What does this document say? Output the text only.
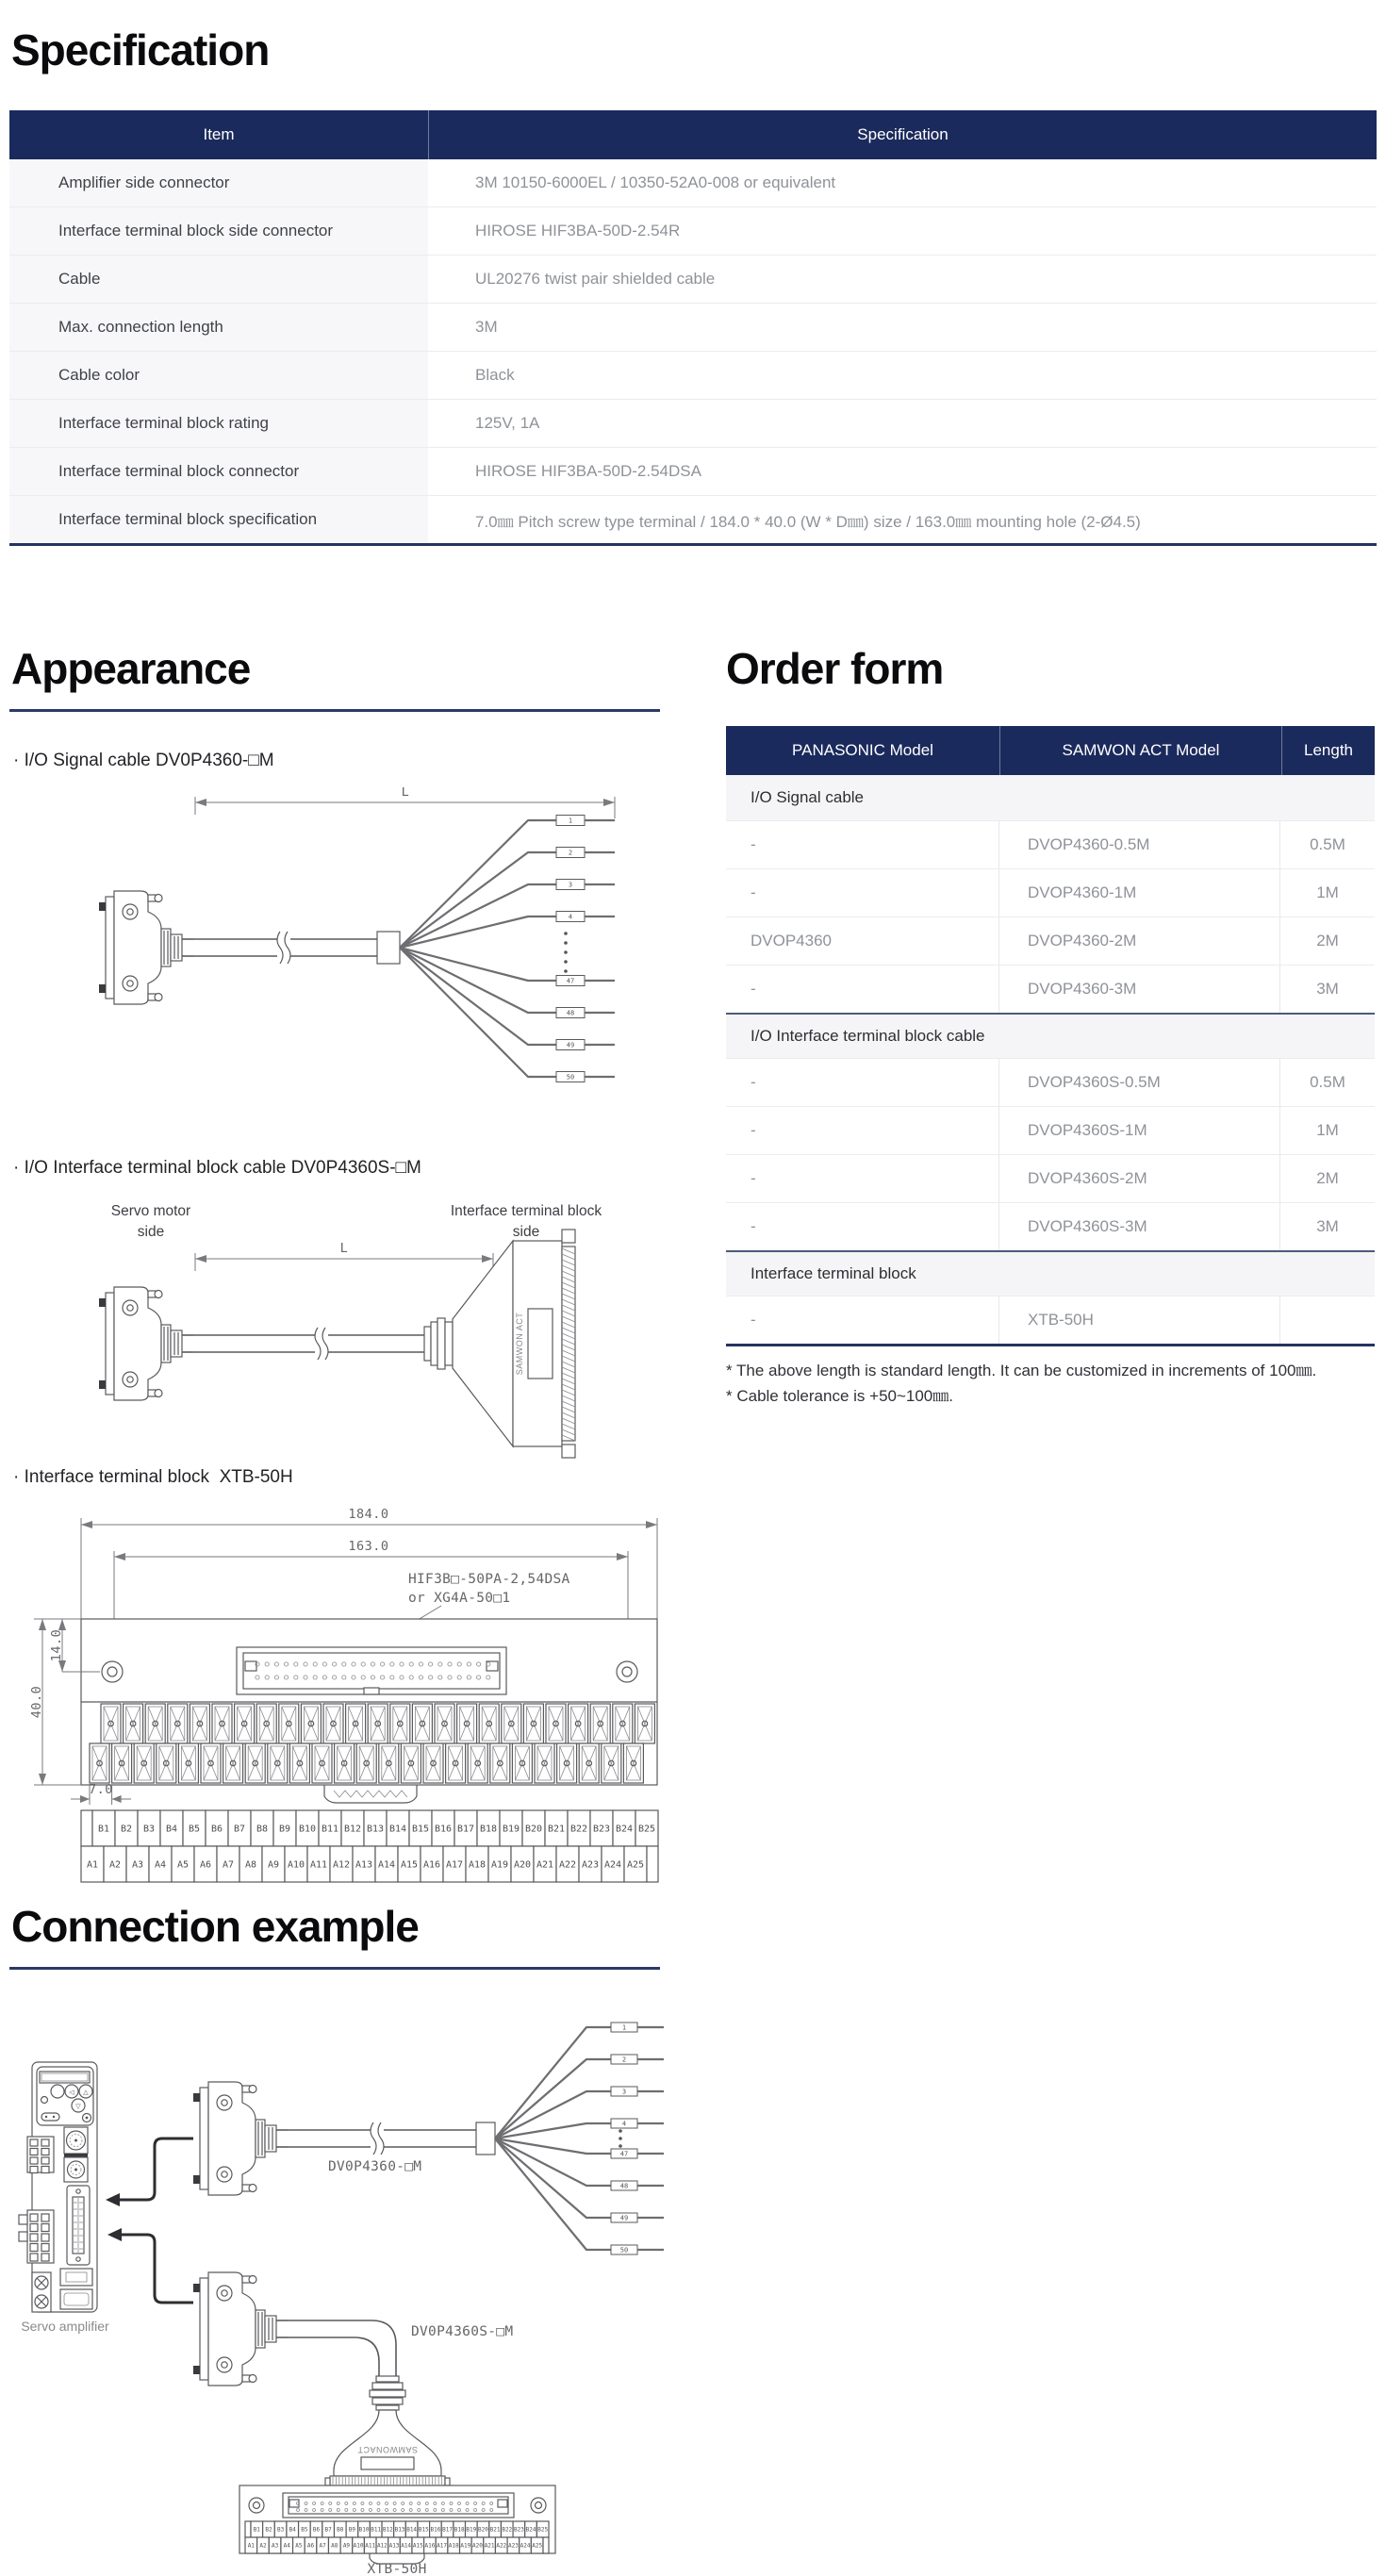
Specification
Item	Specification
Amplifier side connector	3M 10150-6000EL / 10350-52A0-008 or equivalent
Interface terminal block side connector	HIROSE HIF3BA-50D-2.54R
Cable	UL20276 twist pair shielded cable
Max. connection length	3M
Cable color	Black
Interface terminal block rating	125V, 1A
Interface terminal block connector	HIROSE HIF3BA-50D-2.54DSA
Interface terminal block specification	7.0㎜ Pitch screw type terminal / 184.0 * 40.0 (W * D㎜) size / 163.0㎜ mounting hole (2-Ø4.5)
Appearance
· I/O Signal cable DV0P4360-□M
L
1
2
3
4
47
48
49
50
· I/O Interface terminal block cable DV0P4360S-□M
Servo motor
side
Interface terminal block
side
L
SAMWON ACT
· Interface terminal block  XTB-50H
184.0
163.0
HIF3B□-50PA-2,54DSA
or XG4A-50□1
40.0
14.0
7.0
B1 B2 B3 B4 B5 B6 B7 B8 B9 B10 B11 B12 B13 B14 B15 B16 B17 B18 B19 B20 B21 B22 B23 B24 B25
A1 A2 A3 A4 A5 A6 A7 A8 A9 A10 A11 A12 A13 A14 A15 A16 A17 A18 A19 A20 A21 A22 A23 A24 A25
Order form
PANASONIC Model	SAMWON ACT Model	Length
I/O Signal cable
-	DVOP4360-0.5M	0.5M
-	DVOP4360-1M	1M
DVOP4360	DVOP4360-2M	2M
-	DVOP4360-3M	3M
I/O Interface terminal block cable
-	DVOP4360S-0.5M	0.5M
-	DVOP4360S-1M	1M
-	DVOP4360S-2M	2M
-	DVOP4360S-3M	3M
Interface terminal block
-	XTB-50H
* The above length is standard length. It can be customized in increments of 100㎜.
* Cable tolerance is +50~100㎜.
Connection example
◁ △
▽
Servo amplifier
DV0P4360-□M
1
2
3
4
47
48
49
50
DV0P4360S-□M
SAMWONACT
B1 B2 B3 B4 B5 B6 B7 B8 B9 B10 B11 B12 B13 B14 B15 B16 B17 B18 B19 B20 B21 B22 B23 B24 B25
A1 A2 A3 A4 A5 A6 A7 A8 A9 A10 A11 A12 A13 A14 A15 A16 A17 A18 A19 A20 A21 A22 A23 A24 A25
XTB-50H
